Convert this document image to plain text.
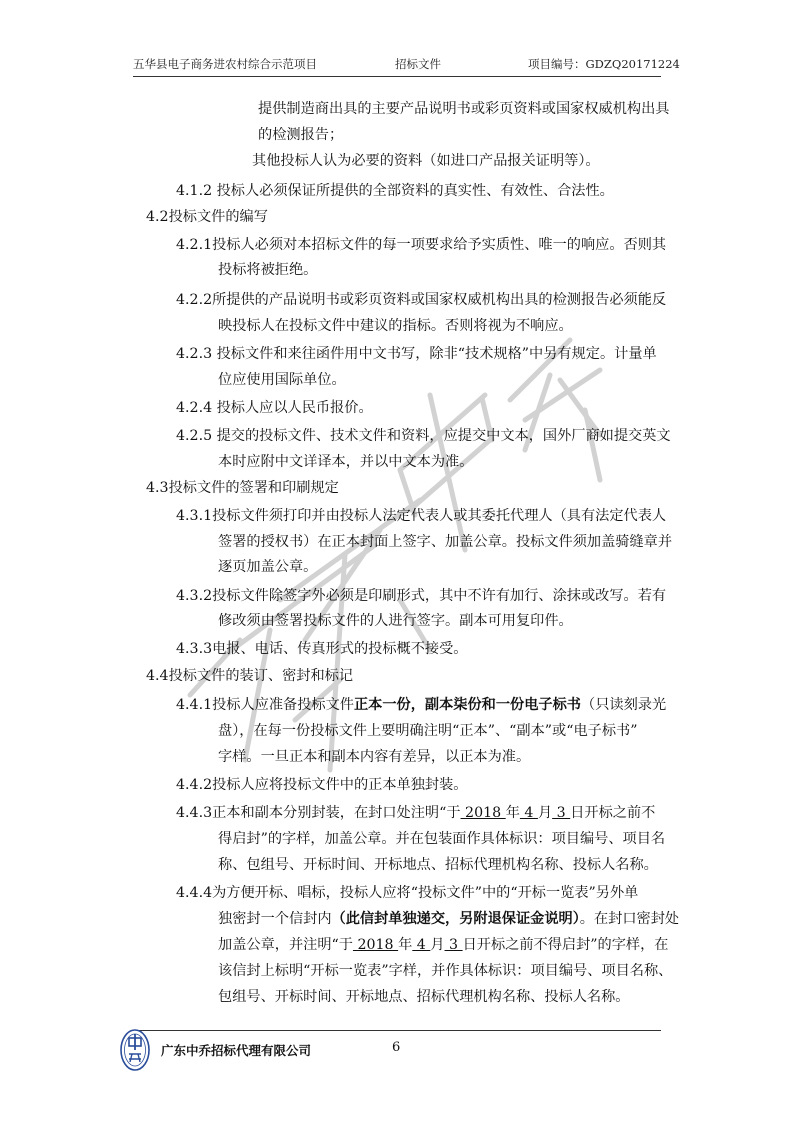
五华县电子商务进农村综合示范项目	招标文件	项目编号：GDZQ20171224
提供制造商出具的主要产品说明书或彩页资料或国家权威机构出具
的检测报告；
其他投标人认为必要的资料（如进口产品报关证明等）。
4.1.2 投标人必须保证所提供的全部资料的真实性、有效性、合法性。
4.2投标文件的编写
4.2.1投标人必须对本招标文件的每一项要求给予实质性、唯一的响应。否则其
投标将被拒绝。
4.2.2所提供的产品说明书或彩页资料或国家权威机构出具的检测报告必须能反
映投标人在投标文件中建议的指标。否则将视为不响应。
4.2.3 投标文件和来往函件用中文书写，除非“技术规格”中另有规定。计量单
位应使用国际单位。
4.2.4 投标人应以人民币报价。
4.2.5 提交的投标文件、技术文件和资料，应提交中文本，国外厂商如提交英文
本时应附中文详译本，并以中文本为准。
4.3投标文件的签署和印刷规定
4.3.1投标文件须打印并由投标人法定代表人或其委托代理人（具有法定代表人
签署的授权书）在正本封面上签字、加盖公章。投标文件须加盖骑缝章并
逐页加盖公章。
4.3.2投标文件除签字外必须是印刷形式，其中不许有加行、涂抹或改写。若有
修改须由签署投标文件的人进行签字。副本可用复印件。
4.3.3电报、电话、传真形式的投标概不接受。
4.4投标文件的装订、密封和标记
4.4.1投标人应准备投标文件正本一份，副本柒份和一份电子标书（只读刻录光
盘），在每一份投标文件上要明确注明“正本”、“副本”或“电子标书”
字样。一旦正本和副本内容有差异，以正本为准。
4.4.2投标人应将投标文件中的正本单独封装。
4.4.3正本和副本分别封装，在封口处注明“于 2018 年 4 月 3 日开标之前不
得启封”的字样，加盖公章。并在包装面作具体标识：项目编号、项目名
称、包组号、开标时间、开标地点、招标代理机构名称、投标人名称。
4.4.4为方便开标、唱标，投标人应将“投标文件”中的“开标一览表”另外单
独密封一个信封内（此信封单独递交，另附退保证金说明）。在封口密封处
加盖公章，并注明“于 2018 年 4 月 3 日开标之前不得启封”的字样，在
该信封上标明“开标一览表”字样，并作具体标识：项目编号、项目名称、
包组号、开标时间、开标地点、招标代理机构名称、投标人名称。
广东中乔招标代理有限公司	6
